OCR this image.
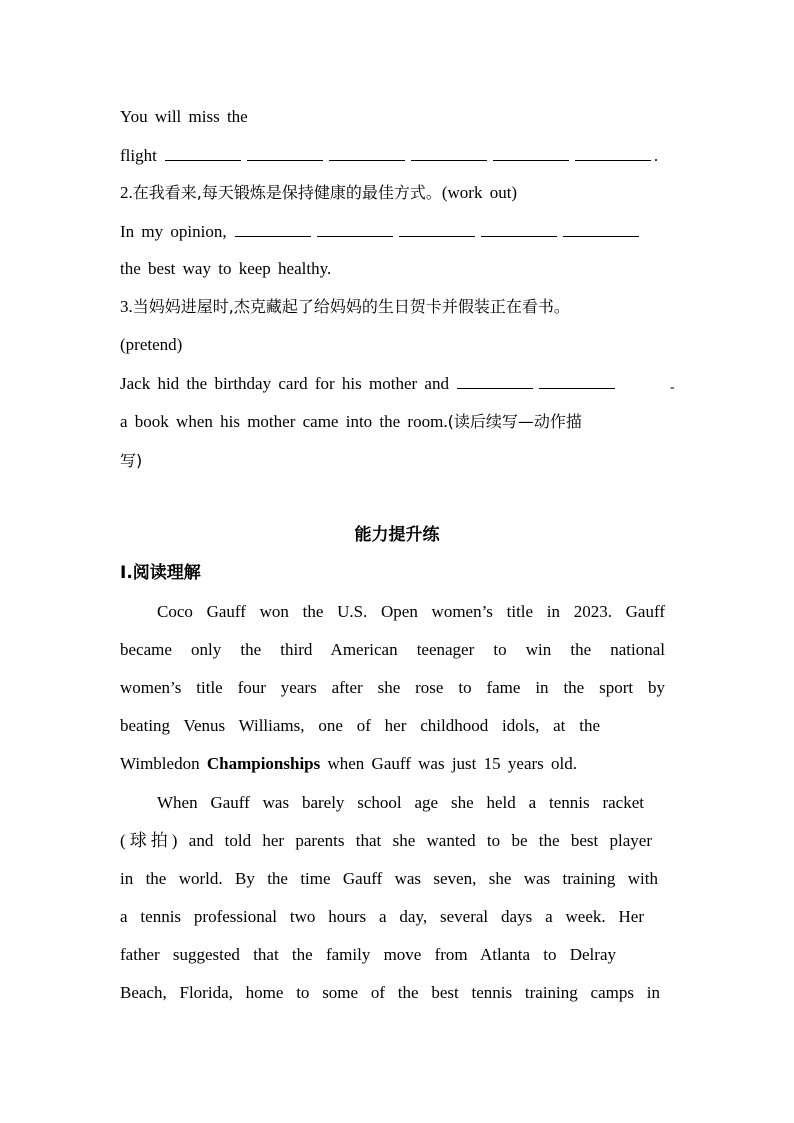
You will miss the
flight	.
2.在我看来,每天锻炼是保持健康的最佳方式。(work out)
In my opinion,
the best way to keep healthy.
3.当妈妈进屋时,杰克藏起了给妈妈的生日贺卡并假装正在看书。
(pretend)
Jack hid the birthday card for his mother and	-
a book when his mother came into the room.(读后续写—动作描
写)
能力提升练
Ⅰ.阅读理解
Coco Gauff won the U.S. Open women’s title in 2023. Gauff
became only the third American teenager to win the national
women’s title four years after she rose to fame in the sport by
beating Venus Williams, one of her childhood idols, at the
Wimbledon Championships when Gauff was just 15 years old.
When Gauff was barely school age she held a tennis racket
(球拍) and told her parents that she wanted to be the best player
in the world. By the time Gauff was seven, she was training with
a tennis professional two hours a day, several days a week. Her
father suggested that the family move from Atlanta to Delray
Beach, Florida, home to some of the best tennis training camps in
